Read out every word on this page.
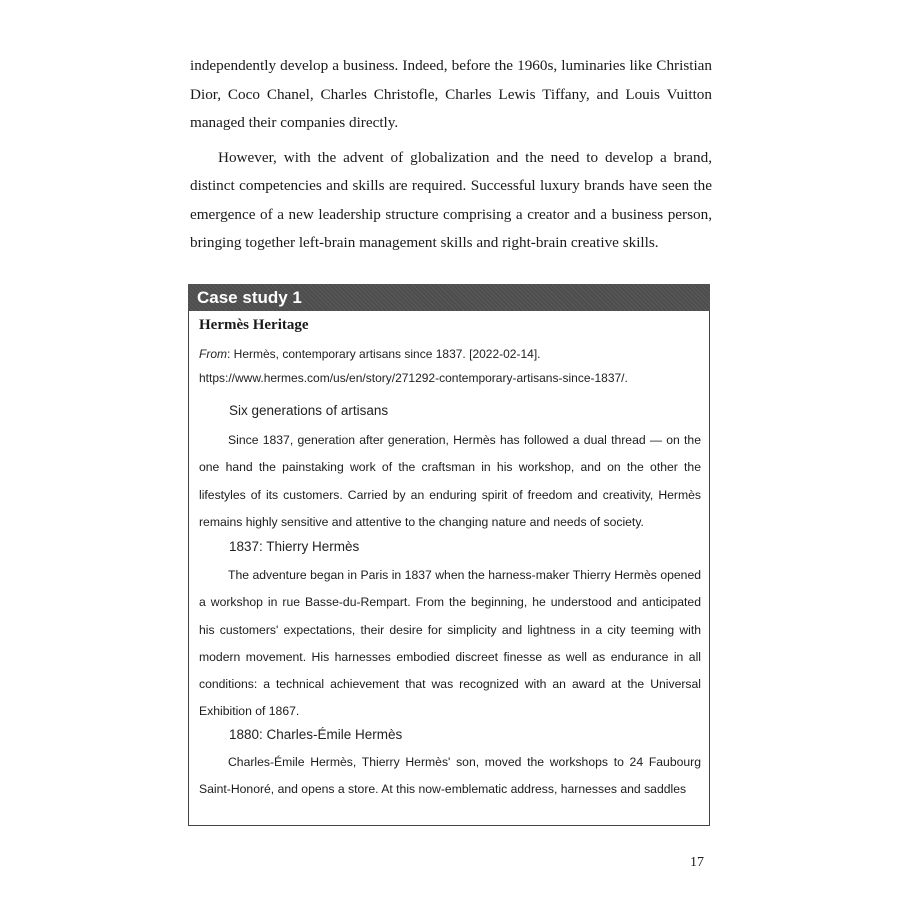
independently develop a business. Indeed, before the 1960s, luminaries like Christian Dior, Coco Chanel, Charles Christofle, Charles Lewis Tiffany, and Louis Vuitton managed their companies directly.

However, with the advent of globalization and the need to develop a brand, distinct competencies and skills are required. Successful luxury brands have seen the emergence of a new leadership structure comprising a creator and a business person, bringing together left-brain management skills and right-brain creative skills.

Case study 1
Hermès Heritage
From: Hermès, contemporary artisans since 1837. [2022-02-14]. https://www.hermes.com/us/en/story/271292-contemporary-artisans-since-1837/.
Six generations of artisans
Since 1837, generation after generation, Hermès has followed a dual thread — on the one hand the painstaking work of the craftsman in his workshop, and on the other the lifestyles of its customers. Carried by an enduring spirit of freedom and creativity, Hermès remains highly sensitive and attentive to the changing nature and needs of society.
1837: Thierry Hermès
The adventure began in Paris in 1837 when the harness-maker Thierry Hermès opened a workshop in rue Basse-du-Rempart. From the beginning, he understood and anticipated his customers' expectations, their desire for simplicity and lightness in a city teeming with modern movement. His harnesses embodied discreet finesse as well as endurance in all conditions: a technical achievement that was recognized with an award at the Universal Exhibition of 1867.
1880: Charles-Émile Hermès
Charles-Émile Hermès, Thierry Hermès' son, moved the workshops to 24 Faubourg Saint-Honoré, and opens a store. At this now-emblematic address, harnesses and saddles
17
